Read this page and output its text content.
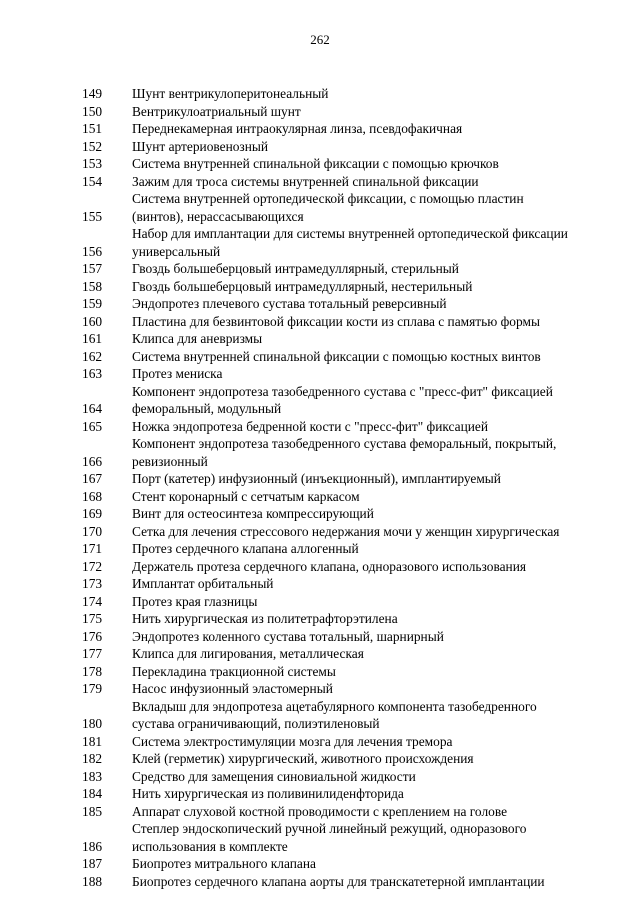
262
149	Шунт вентрикулоперитонеальный
150	Вентрикулоатриальный шунт
151	Переднекамерная интраокулярная линза, псевдофакичная
152	Шунт артериовенозный
153	Система внутренней спинальной фиксации с помощью крючков
154	Зажим для троса системы внутренней спинальной фиксации
155
Система внутренней ортопедической фиксации, с помощью пластин
(винтов), нерассасывающихся
156
Набор для имплантации для системы внутренней ортопедической фиксации
универсальный
157	Гвоздь большеберцовый интрамедуллярный, стерильный
158	Гвоздь большеберцовый интрамедуллярный, нестерильный
159	Эндопротез плечевого сустава тотальный реверсивный
160	Пластина для безвинтовой фиксации кости из сплава с памятью формы
161	Клипса для аневризмы
162	Система внутренней спинальной фиксации с помощью костных винтов
163	Протез мениска
164
Компонент эндопротеза тазобедренного сустава с "пресс-фит" фиксацией
феморальный, модульный
165	Ножка эндопротеза бедренной кости с "пресс-фит" фиксацией
166
Компонент эндопротеза тазобедренного сустава феморальный, покрытый,
ревизионный
167	Порт (катетер) инфузионный (инъекционный), имплантируемый
168	Стент коронарный с сетчатым каркасом
169	Винт для остеосинтеза компрессирующий
170	Сетка для лечения стрессового недержания мочи у женщин хирургическая
171	Протез сердечного клапана аллогенный
172	Держатель протеза сердечного клапана, одноразового использования
173	Имплантат орбитальный
174	Протез края глазницы
175	Нить хирургическая из политетрафторэтилена
176	Эндопротез коленного сустава тотальный, шарнирный
177	Клипса для лигирования, металлическая
178	Перекладина тракционной системы
179	Насос инфузионный эластомерный
180
Вкладыш для эндопротеза ацетабулярного компонента тазобедренного
сустава ограничивающий, полиэтиленовый
181	Система электростимуляции мозга для лечения тремора
182	Клей (герметик) хирургический, животного происхождения
183	Средство для замещения синовиальной жидкости
184	Нить хирургическая из поливинилиденфторида
185	Аппарат слуховой костной проводимости с креплением на голове
186
Степлер эндоскопический ручной линейный режущий, одноразового
использования в комплекте
187	Биопротез митрального клапана
188	Биопротез сердечного клапана аорты для транскатетерной имплантации
